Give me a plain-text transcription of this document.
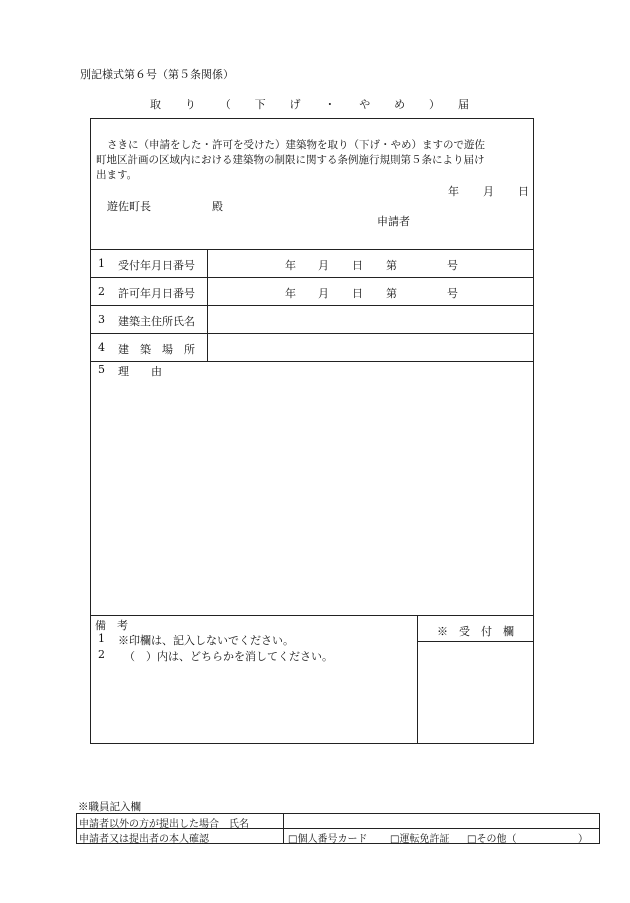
別記様式第６号（第５条関係）
取 り （ 下 げ ・ や め ） 届
さきに（申請をした・許可を受けた）建築物を取り（下げ・やめ）ますので遊佐
町地区計画の区域内における建築物の制限に関する条例施行規則第５条により届け
出ます。
年 月 日
遊佐町長	殿
申請者
1 受付年月日番号	年 月 日 第	号
2 許可年月日番号	年 月 日 第	号
3 建築主住所氏名
4 建　築　場　所
5 理　　由
備　考
1 ※印欄は、記入しないでください。
2 （　）内は、どちらかを消してください。
※　受　付　欄
※職員記入欄
申請者以外の方が提出した場合　氏名
申請者又は提出者の本人確認	□個人番号カード □運転免許証 □その他（	）
